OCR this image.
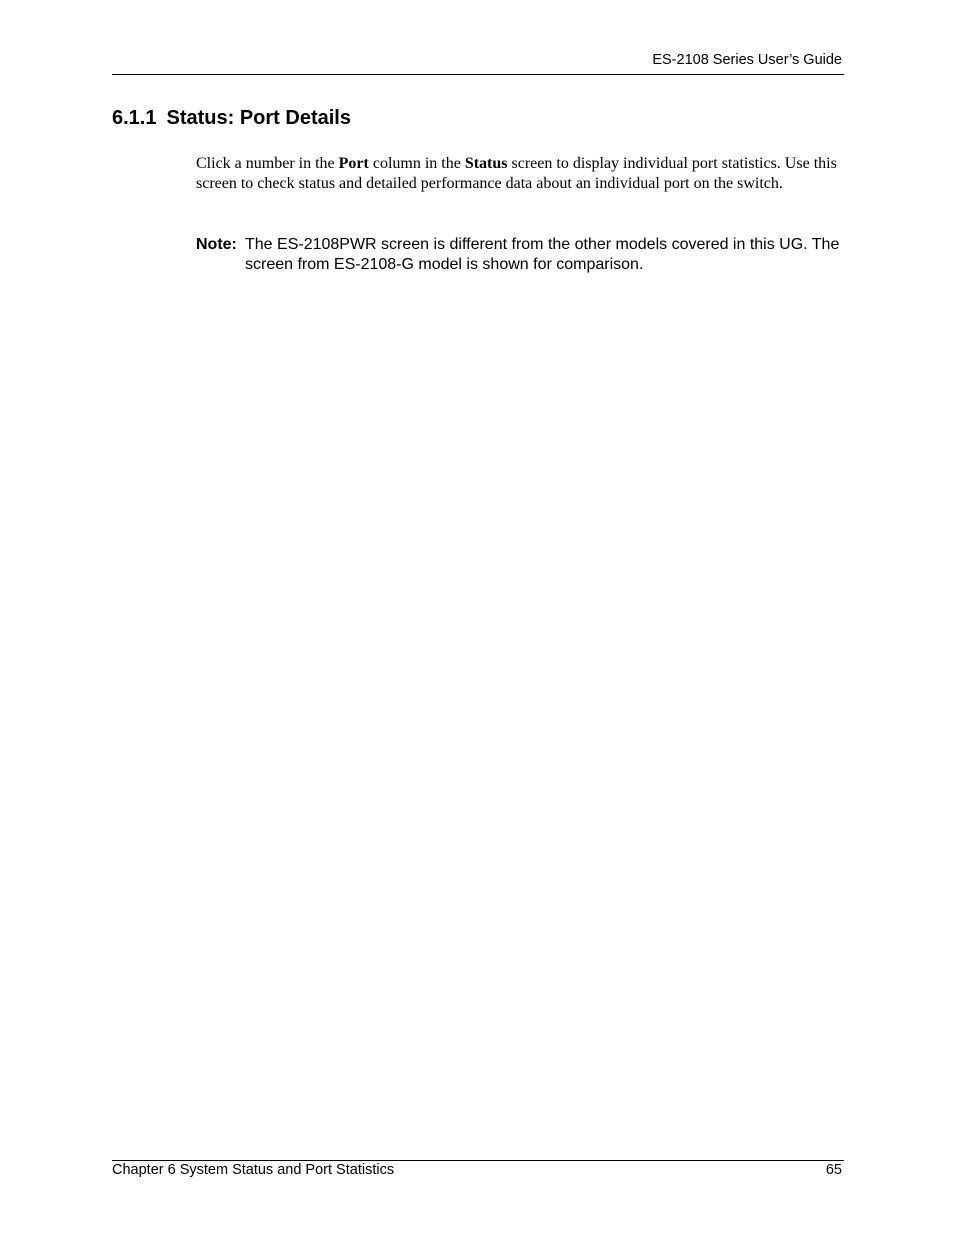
ES-2108 Series User’s Guide
6.1.1 Status: Port Details

Click a number in the Port column in the Status screen to display individual port statistics. Use this screen to check status and detailed performance data about an individual port on the switch.

Note: The ES-2108PWR screen is different from the other models covered in this UG. The screen from ES-2108-G model is shown for comparison.
Chapter 6 System Status and Port Statistics	65
